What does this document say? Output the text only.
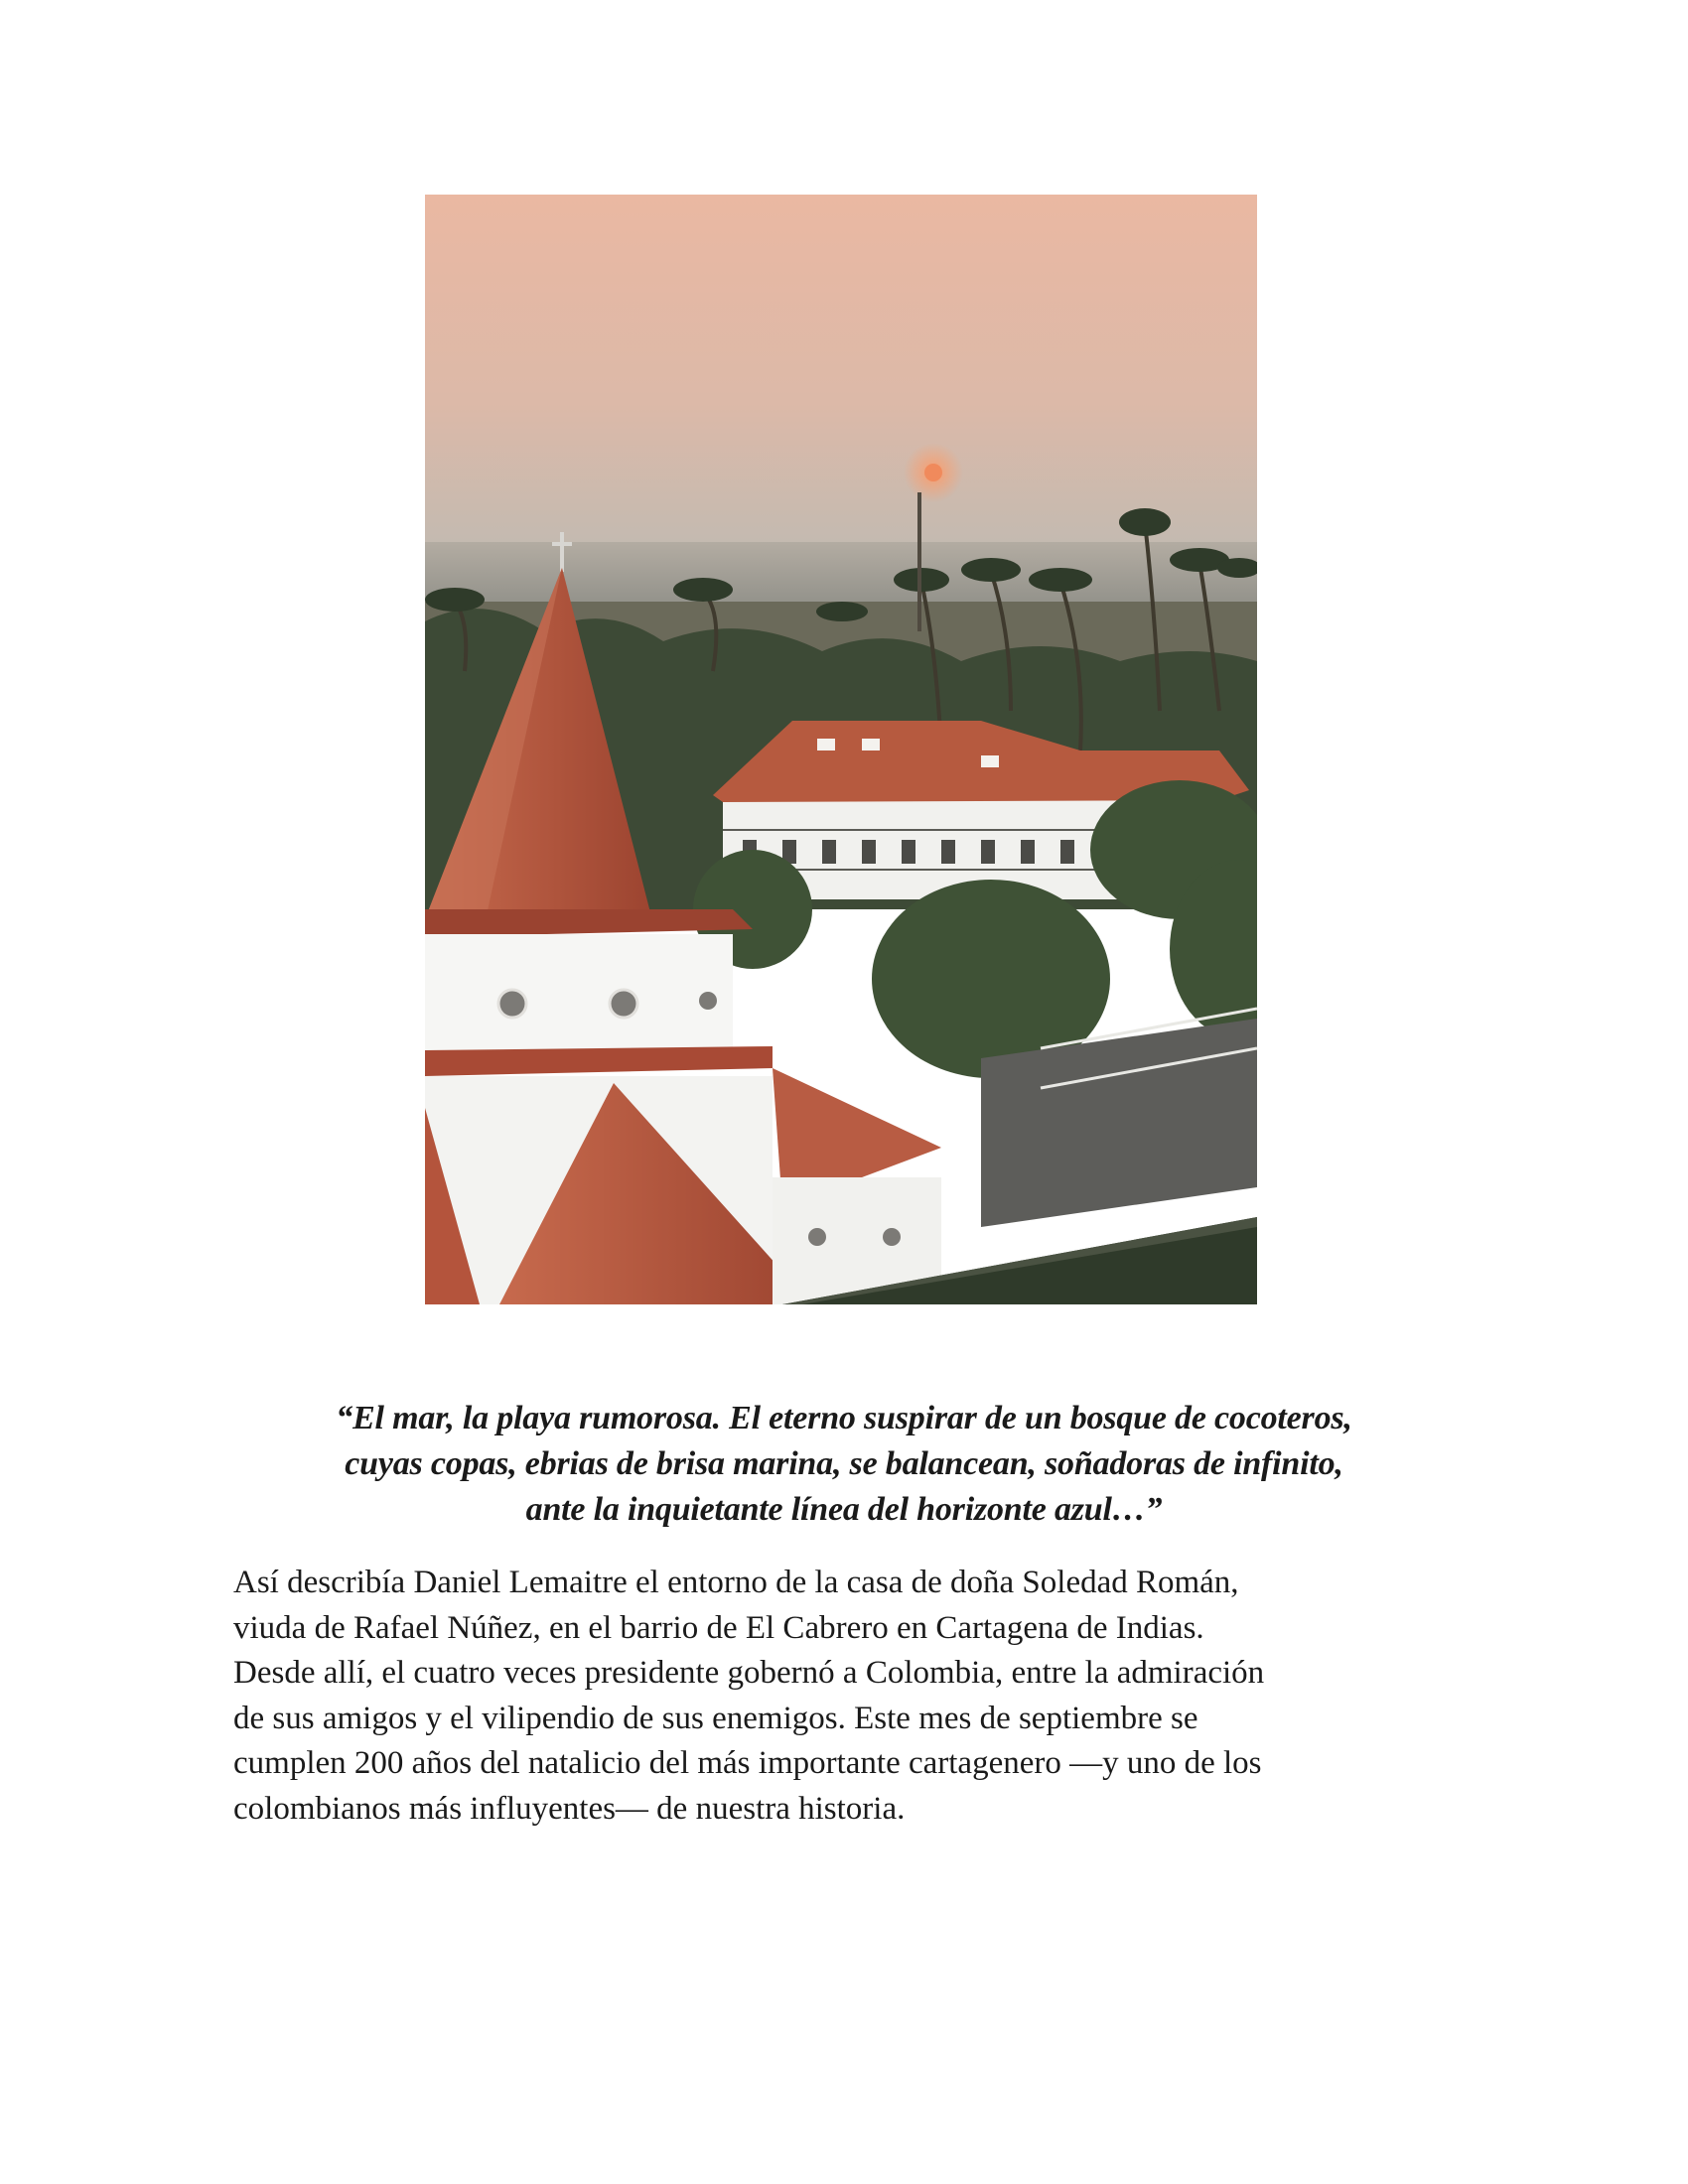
“El mar, la playa rumorosa. El eterno suspirar de un bosque de cocoteros,
cuyas copas, ebrias de brisa marina, se balancean, soñadoras de infinito,
ante la inquietante línea del horizonte azul…”

Así describía Daniel Lemaitre el entorno de la casa de doña Soledad Román,
viuda de Rafael Núñez, en el barrio de El Cabrero en Cartagena de Indias.
Desde allí, el cuatro veces presidente gobernó a Colombia, entre la admiración
de sus amigos y el vilipendio de sus enemigos. Este mes de septiembre se
cumplen 200 años del natalicio del más importante cartagenero —y uno de los
colombianos más influyentes— de nuestra historia.
